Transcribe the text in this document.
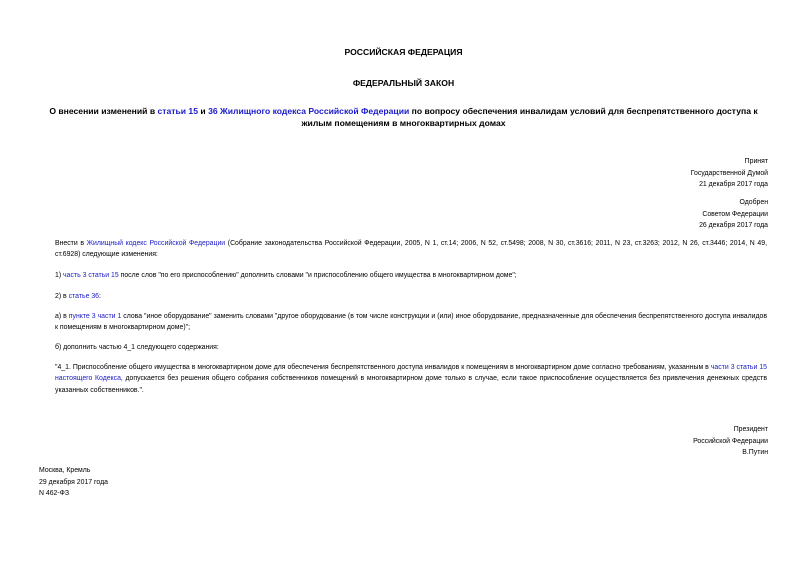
РОССИЙСКАЯ ФЕДЕРАЦИЯ
ФЕДЕРАЛЬНЫЙ ЗАКОН
О внесении изменений в статьи 15 и 36 Жилищного кодекса Российской Федерации по вопросу обеспечения инвалидам условий для беспрепятственного доступа к жилым помещениям в многоквартирных домах
Принят
Государственной Думой
21 декабря 2017 года
Одобрен
Советом Федерации
26 декабря 2017 года
Внести в Жилищный кодекс Российской Федерации (Собрание законодательства Российской Федерации, 2005, N 1, ст.14; 2006, N 52, ст.5498; 2008, N 30, ст.3616; 2011, N 23, ст.3263; 2012, N 26, ст.3446; 2014, N 49, ст.6928) следующие изменения:
1) часть 3 статьи 15 после слов "по его приспособлению" дополнить словами "и приспособлению общего имущества в многоквартирном доме";
2) в статье 36:
а) в пункте 3 части 1 слова "иное оборудование" заменить словами "другое оборудование (в том числе конструкции и (или) иное оборудование, предназначенные для обеспечения беспрепятственного доступа инвалидов к помещениям в многоквартирном доме)";
б) дополнить частью 4_1 следующего содержания:
"4_1. Приспособление общего имущества в многоквартирном доме для обеспечения беспрепятственного доступа инвалидов к помещениям в многоквартирном доме согласно требованиям, указанным в части 3 статьи 15 настоящего Кодекса, допускается без решения общего собрания собственников помещений в многоквартирном доме только в случае, если такое приспособление осуществляется без привлечения денежных средств указанных собственников.".
Президент
Российской Федерации
В.Путин
Москва, Кремль
29 декабря 2017 года
N 462-ФЗ
